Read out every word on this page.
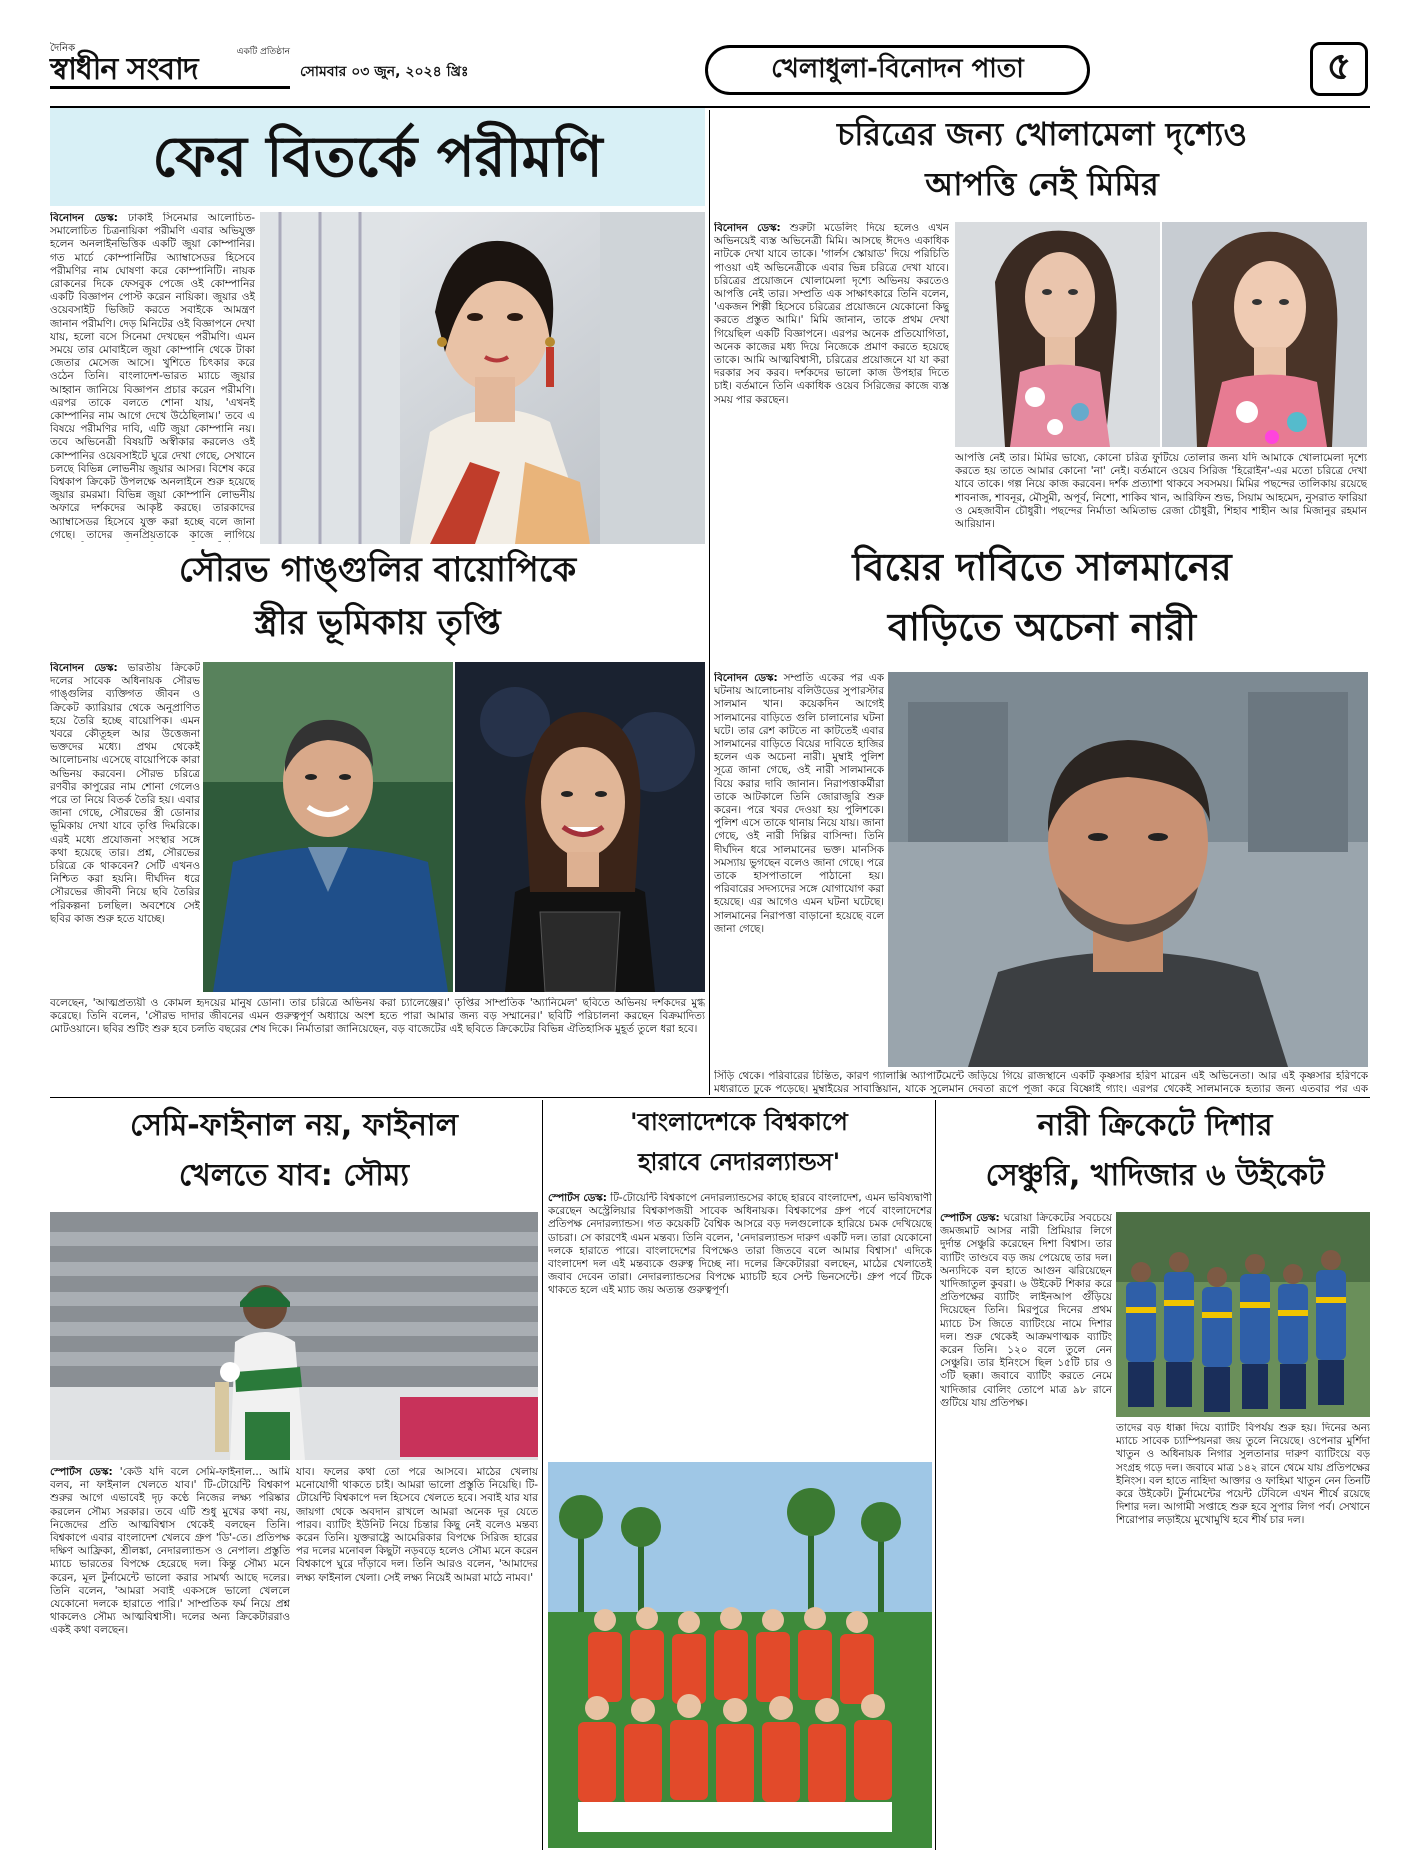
দৈনিক
স্বাধীন সংবাদ	একটি প্রতিষ্ঠান
সোমবার ০৩ জুন, ২০২৪ খ্রিঃ	খেলাধুলা-বিনোদন পাতা	৫
ফের বিতর্কে পরীমণি
বিনোদন ডেস্ক: ঢাকাই সিনেমার আলোচিত-সমালোচিত চিত্রনায়িকা পরীমণি এবার অভিযুক্ত হলেন অনলাইনভিত্তিক একটি জুয়া কোম্পানির। গত মার্চে কোম্পানিটির অ্যাম্বাসেডর হিসেবে পরীমণির নাম ঘোষণা করে কোম্পানিটি। নায়ক রোকনের দিকে ফেসবুক পেজে ওই কোম্পানির একটি বিজ্ঞাপন পোস্ট করেন নায়িকা। জুয়ার ওই ওয়েবসাইট ভিজিট করতে সবাইকে আমন্ত্রণ জানান পরীমণি। দেড় মিনিটের ওই বিজ্ঞাপনে দেখা যায়, হলো বসে সিনেমা দেখছেন পরীমণি। এমন সময়ে তার মোবাইলে জুয়া কোম্পানি থেকে টাকা জেতার মেসেজ আসে। খুশিতে চিৎকার করে ওঠেন তিনি। বাংলাদেশ-ভারত ম্যাচে জুয়ার আহ্বান জানিয়ে বিজ্ঞাপন প্রচার করেন পরীমণি। এরপর তাকে বলতে শোনা যায়, 'এখনই কোম্পানির নাম আগে দেখে উঠেছিলাম।' তবে এ বিষয়ে পরীমণির দাবি, এটি জুয়া কোম্পানি নয়। তবে অভিনেত্রী বিষয়টি অস্বীকার করলেও ওই কোম্পানির ওয়েবসাইটে ঘুরে দেখা গেছে, সেখানে চলছে বিভিন্ন লোভনীয় জুয়ার আসর। বিশেষ করে বিশ্বকাপ ক্রিকেট উপলক্ষে অনলাইনে শুরু হয়েছে জুয়ার রমরমা। বিভিন্ন জুয়া কোম্পানি লোভনীয় অফারে দর্শকদের আকৃষ্ট করছে। তারকাদের অ্যাম্বাসেডর হিসেবে যুক্ত করা হচ্ছে বলে জানা গেছে। তাদের জনপ্রিয়তাকে কাজে লাগিয়ে
চরিত্রের জন্য খোলামেলা দৃশ্যেও
আপত্তি নেই মিমির
বিনোদন ডেস্ক: শুরুটা মডেলিং দিয়ে হলেও এখন অভিনয়েই ব্যস্ত অভিনেত্রী মিমি। আসছে ঈদেও একাধিক নাটকে দেখা যাবে তাকে। 'গার্লস স্কোয়াড' দিয়ে পরিচিতি পাওয়া এই অভিনেত্রীকে এবার ভিন্ন চরিত্রে দেখা যাবে। চরিত্রের প্রয়োজনে খোলামেলা দৃশ্যে অভিনয় করতেও আপত্তি নেই তার। সম্প্রতি এক সাক্ষাৎকারে তিনি বলেন, 'একজন শিল্পী হিসেবে চরিত্রের প্রয়োজনে যেকোনো কিছু করতে প্রস্তুত আমি।' মিমি জানান, তাকে প্রথম দেখা গিয়েছিল একটি বিজ্ঞাপনে। এরপর অনেক প্রতিযোগিতা, অনেক কাজের মধ্য দিয়ে নিজেকে প্রমাণ করতে হয়েছে তাকে। আমি আত্মবিশ্বাসী, চরিত্রের প্রয়োজনে যা যা করা দরকার সব করব। দর্শকদের ভালো কাজ উপহার দিতে চাই। বর্তমানে তিনি একাধিক ওয়েব সিরিজের কাজে ব্যস্ত সময় পার করছেন।
আপত্তি নেই তার। মিমির ভাষ্যে, কোনো চরিত্র ফুটিয়ে তোলার জন্য যদি আমাকে খোলামেলা দৃশ্যে করতে হয় তাতে আমার কোনো 'না' নেই। বর্তমানে ওয়েব সিরিজ 'হিরোইন'-এর মতো চরিত্রে দেখা যাবে তাকে। গল্প নিয়ে কাজ করবেন। দর্শক প্রত্যাশা থাকবে সবসময়। মিমির পছন্দের তালিকায় রয়েছে শাবনাজ, শাবনূর, মৌসুমী, অপূর্ব, নিশো, শাকিব খান, আরিফিন শুভ, সিয়াম আহমেদ, নুসরাত ফারিয়া ও মেহজাবীন চৌধুরী। পছন্দের নির্মাতা অমিতাভ রেজা চৌধুরী, শিহাব শাহীন আর মিজানুর রহমান আরিয়ান।
সৌরভ গাঙ্গুলির বায়োপিকে
স্ত্রীর ভূমিকায় তৃপ্তি
বিনোদন ডেস্ক: ভারতীয় ক্রিকেট দলের সাবেক অধিনায়ক সৌরভ গাঙ্গুলির ব্যক্তিগত জীবন ও ক্রিকেট ক্যারিয়ার থেকে অনুপ্রাণিত হয়ে তৈরি হচ্ছে বায়োপিক। এমন খবরে কৌতূহল আর উত্তেজনা ভক্তদের মধ্যে। প্রথম থেকেই আলোচনায় এসেছে বায়োপিকে কারা অভিনয় করবেন। সৌরভ চরিত্রে রণবীর কাপুরের নাম শোনা গেলেও পরে তা নিয়ে বিতর্ক তৈরি হয়। এবার জানা গেছে, সৌরভের স্ত্রী ডোনার ভূমিকায় দেখা যাবে তৃপ্তি দিমরিকে। এরই মধ্যে প্রযোজনা সংস্থার সঙ্গে কথা হয়েছে তার। প্রশ্ন, সৌরভের চরিত্রে কে থাকবেন? সেটি এখনও নিশ্চিত করা হয়নি। দীর্ঘদিন ধরে সৌরভের জীবনী নিয়ে ছবি তৈরির পরিকল্পনা চলছিল। অবশেষে সেই ছবির কাজ শুরু হতে যাচ্ছে।
বলেছেন, 'আত্মপ্রত্যয়ী ও কোমল হৃদয়ের মানুষ ডোনা। তার চরিত্রে অভিনয় করা চ্যালেঞ্জের।' তৃপ্তির সাম্প্রতিক 'অ্যানিমেল' ছবিতে অভিনয় দর্শকদের মুগ্ধ করেছে। তিনি বলেন, 'সৌরভ দাদার জীবনের এমন গুরুত্বপূর্ণ অধ্যায়ে অংশ হতে পারা আমার জন্য বড় সম্মানের।' ছবিটি পরিচালনা করছেন বিক্রমাদিত্য মোটওয়ানে। ছবির শুটিং শুরু হবে চলতি বছরের শেষ দিকে। নির্মাতারা জানিয়েছেন, বড় বাজেটের এই ছবিতে ক্রিকেটের বিভিন্ন ঐতিহাসিক মুহূর্ত তুলে ধরা হবে।
বিয়ের দাবিতে সালমানের
বাড়িতে অচেনা নারী
বিনোদন ডেস্ক: সম্প্রতি একের পর এক ঘটনায় আলোচনায় বলিউডের সুপারস্টার সালমান খান। কয়েকদিন আগেই সালমানের বাড়িতে গুলি চালানোর ঘটনা ঘটে। তার রেশ কাটতে না কাটতেই এবার সালমানের বাড়িতে বিয়ের দাবিতে হাজির হলেন এক অচেনা নারী। মুম্বাই পুলিশ সূত্রে জানা গেছে, ওই নারী সালমানকে বিয়ে করার দাবি জানান। নিরাপত্তাকর্মীরা তাকে আটকালে তিনি জোরাজুরি শুরু করেন। পরে খবর দেওয়া হয় পুলিশকে। পুলিশ এসে তাকে থানায় নিয়ে যায়। জানা গেছে, ওই নারী দিল্লির বাসিন্দা। তিনি দীর্ঘদিন ধরে সালমানের ভক্ত। মানসিক সমস্যায় ভুগছেন বলেও জানা গেছে। পরে তাকে হাসপাতালে পাঠানো হয়। পরিবারের সদস্যদের সঙ্গে যোগাযোগ করা হয়েছে। এর আগেও এমন ঘটনা ঘটেছে। সালমানের নিরাপত্তা বাড়ানো হয়েছে বলে জানা গেছে।
সিঁড়ি থেকে। পরিবারের চিন্তিত, কারণ গ্যালাক্সি অ্যাপার্টমেন্টে মধ্যরাতে ঢুকে পড়েছে। মুম্বাইয়ের সাবাস্তিয়ান, যাকে সুলেমান
জড়িয়ে গিয়ে রাজস্থানে একটি কৃষ্ণসার হরিণ মারেন এই অভিনেতা। আর এই কৃষ্ণসার হরিণকে দেবতা রূপে পূজা করে বিষ্ণোই গ্যাং। এরপর থেকেই সালমানকে হত্যার জন্য এতবার পর এক
সেমি-ফাইনাল নয়, ফাইনাল
খেলতে যাব: সৌম্য
স্পোর্টস ডেস্ক: 'কেউ যদি বলে সেমি-ফাইনাল... আমি বলব, না ফাইনাল খেলতে যাব।' টি-টোয়েন্টি বিশ্বকাপ শুরুর আগে এভাবেই দৃঢ় কণ্ঠে নিজের লক্ষ্য পরিষ্কার করলেন সৌম্য সরকার। তবে এটি শুধু মুখের কথা নয়, নিজেদের প্রতি আত্মবিশ্বাস থেকেই বলছেন তিনি। বিশ্বকাপে এবার বাংলাদেশ খেলবে গ্রুপ 'ডি'-তে। প্রতিপক্ষ দক্ষিণ আফ্রিকা, শ্রীলঙ্কা, নেদারল্যান্ডস ও নেপাল। প্রস্তুতি ম্যাচে ভারতের বিপক্ষে হেরেছে দল। কিন্তু সৌম্য মনে করেন, মূল টুর্নামেন্টে ভালো করার সামর্থ্য আছে দলের। তিনি বলেন, 'আমরা সবাই একসঙ্গে ভালো খেললে যেকোনো দলকে হারাতে পারি।' সাম্প্রতিক ফর্ম নিয়ে প্রশ্ন থাকলেও সৌম্য আত্মবিশ্বাসী। দলের অন্য ক্রিকেটাররাও একই কথা বলছেন।
যাব। ফলের কথা তো পরে আসবে। মাঠের খেলায় মনোযোগী থাকতে চাই। আমরা ভালো প্রস্তুতি নিয়েছি। টি-টোয়েন্টি বিশ্বকাপে দল হিসেবে খেলতে হবে। সবাই যার যার জায়গা থেকে অবদান রাখলে আমরা অনেক দূর যেতে পারব। ব্যাটিং ইউনিট নিয়ে চিন্তার কিছু নেই বলেও মন্তব্য করেন তিনি। যুক্তরাষ্ট্রে আমেরিকার বিপক্ষে সিরিজ হারের পর দলের মনোবল কিছুটা নড়বড়ে হলেও সৌম্য মনে করেন বিশ্বকাপে ঘুরে দাঁড়াবে দল। তিনি আরও বলেন, 'আমাদের লক্ষ্য ফাইনাল খেলা। সেই লক্ষ্য নিয়েই আমরা মাঠে নামব।'
'বাংলাদেশকে বিশ্বকাপে
হারাবে নেদারল্যান্ডস'
স্পোর্টস ডেস্ক: টি-টোয়েন্টি বিশ্বকাপে নেদারল্যান্ডসের কাছে হারবে বাংলাদেশ, এমন ভবিষ্যদ্বাণী করেছেন অস্ট্রেলিয়ার বিশ্বকাপজয়ী সাবেক অধিনায়ক। বিশ্বকাপের গ্রুপ পর্বে বাংলাদেশের প্রতিপক্ষ নেদারল্যান্ডস। গত কয়েকটি বৈশ্বিক আসরে বড় দলগুলোকে হারিয়ে চমক দেখিয়েছে ডাচরা। সে কারণেই এমন মন্তব্য। তিনি বলেন, 'নেদারল্যান্ডস দারুণ একটি দল। তারা যেকোনো দলকে হারাতে পারে। বাংলাদেশের বিপক্ষেও তারা জিতবে বলে আমার বিশ্বাস।' এদিকে বাংলাদেশ দল এই মন্তব্যকে গুরুত্ব দিচ্ছে না। দলের ক্রিকেটাররা বলছেন, মাঠের খেলাতেই জবাব দেবেন তারা। নেদারল্যান্ডসের বিপক্ষে ম্যাচটি হবে সেন্ট ভিনসেন্টে। গ্রুপ পর্বে টিকে থাকতে হলে এই ম্যাচ জয় অত্যন্ত গুরুত্বপূর্ণ।
নারী ক্রিকেটে দিশার
সেঞ্চুরি, খাদিজার ৬ উইকেট
স্পোর্টস ডেস্ক: ঘরোয়া ক্রিকেটের সবচেয়ে জমজমাট আসর নারী প্রিমিয়ার লিগে দুর্দান্ত সেঞ্চুরি করেছেন দিশা বিশ্বাস। তার ব্যাটিং তাণ্ডবে বড় জয় পেয়েছে তার দল। অন্যদিকে বল হাতে আগুন ঝরিয়েছেন খাদিজাতুল কুবরা। ৬ উইকেট শিকার করে প্রতিপক্ষের ব্যাটিং লাইনআপ গুঁড়িয়ে দিয়েছেন তিনি। মিরপুরে দিনের প্রথম ম্যাচে টস জিতে ব্যাটিংয়ে নামে দিশার দল। শুরু থেকেই আক্রমণাত্মক ব্যাটিং করেন তিনি। ১২০ বলে তুলে নেন সেঞ্চুরি। তার ইনিংসে ছিল ১৫টি চার ও ৩টি ছক্কা। জবাবে ব্যাটিং করতে নেমে খাদিজার বোলিং তোপে মাত্র ৯৮ রানে গুটিয়ে যায় প্রতিপক্ষ।
তাদের বড় ধাক্কা দিয়ে ব্যাটিং বিপর্যয় শুরু হয়। দিনের অন্য ম্যাচে সাবেক চ্যাম্পিয়নরা জয় তুলে নিয়েছে। ওপেনার মুর্শিদা খাতুন ও অধিনায়ক নিগার সুলতানার দারুণ ব্যাটিংয়ে বড় সংগ্রহ গড়ে দল। জবাবে মাত্র ১৪২ রানে থেমে যায় প্রতিপক্ষের ইনিংস। বল হাতে নাহিদা আক্তার ও ফাহিমা খাতুন নেন তিনটি করে উইকেট। টুর্নামেন্টের পয়েন্ট টেবিলে এখন শীর্ষে রয়েছে দিশার দল। আগামী সপ্তাহে শুরু হবে সুপার লিগ পর্ব। সেখানে শিরোপার লড়াইয়ে মুখোমুখি হবে শীর্ষ চার দল।
